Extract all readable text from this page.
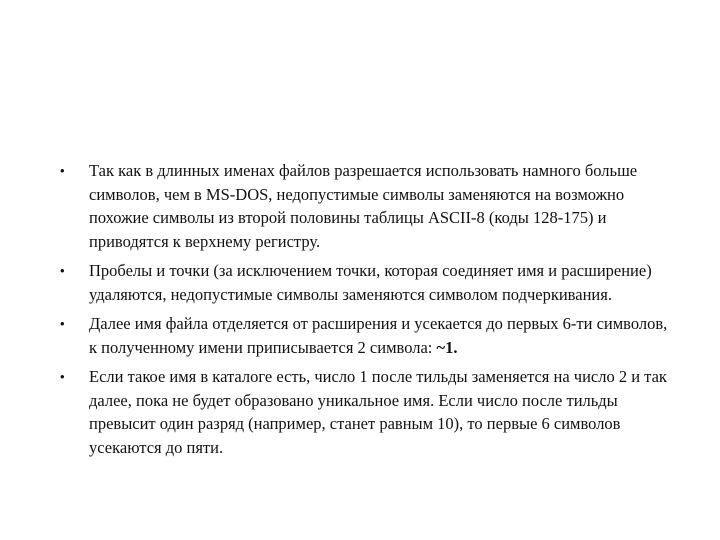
• Так как в длинных именах файлов разрешается использовать намного больше символов, чем в MS-DOS, недопустимые символы заменяются на возможно похожие символы из второй половины таблицы ASCII-8 (коды 128-175) и приводятся к верхнему регистру.
• Пробелы и точки (за исключением точки, которая соединяет имя и расширение) удаляются, недопустимые символы заменяются символом подчеркивания.
• Далее имя файла отделяется от расширения и усекается до первых 6-ти символов, к полученному имени приписывается 2 символа: ~1.
• Если такое имя в каталоге есть, число 1 после тильды заменяется на число 2 и так далее, пока не будет образовано уникальное имя. Если число после тильды превысит один разряд (например, станет равным 10), то первые 6 символов усекаются до пяти.
